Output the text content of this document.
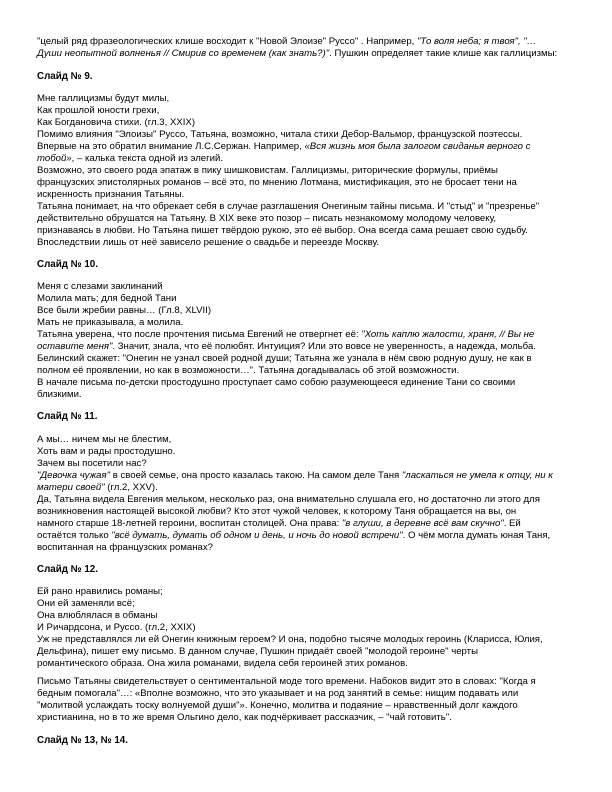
"целый ряд фразеологических клише восходит к "Новой Элоизе" Руссо" . Например, "То воля неба; я твоя", "…
Души неопытной волненья // Смирив со временем (как знать?)". Пушкин определяет такие клише как галлицизмы:
Слайд № 9.
Мне галлицизмы будут милы,
Как прошлой юности грехи,
Как Богдановича стихи. (гл.3, XXIX)
Помимо влияния "Элоизы" Руссо, Татьяна, возможно, читала стихи Дебор-Вальмор, французской поэтессы.
Впервые на это обратил внимание Л.С.Сержан. Например, «Вся жизнь моя была залогом свиданья верного с
тобой», – калька текста одной из элегий.
Возможно, это своего рода эпатаж в пику шишковистам. Галлицизмы, риторические формулы, приёмы
французских эпистолярных романов – всё это, по мнению Лотмана, мистификация, это не бросает тени на
искренность признания Татьяны.
Татьяна понимает, на что обрекает себя в случае разглашения Онегиным тайны письма. И "стыд" и "презренье"
действительно обрушатся на Татьяну. В XIX веке это позор – писать незнакомому молодому человеку,
признаваясь в любви. Но Татьяна пишет твёрдою рукою, это её выбор. Она всегда сама решает свою судьбу.
Впоследствии лишь от неё зависело решение о свадьбе и переезде Москву.
Слайд № 10.
Меня с слезами заклинаний
Молила мать; для бедной Тани
Все были жребии равны… (Гл.8, XLVII)
Мать не приказывала, а молила.
Татьяна уверена, что после прочтения письма Евгений не отвергнет её: "Хоть каплю жалости, храня, // Вы не
оставите меня". Значит, знала, что её полюбят. Интуиция? Или это вовсе не уверенность, а надежда, мольба.
Белинский скажет: "Онегин не узнал своей родной души; Татьяна же узнала в нём свою родную душу, не как в
полном её проявлении, но как в возможности…". Татьяна догадывалась об этой возможности.
В начале письма по-детски простодушно проступает само собою разумеющееся единение Тани со своими
близкими.
Слайд № 11.
А мы… ничем мы не блестим,
Хоть вам и рады простодушно.
Зачем вы посетили нас?
"Девочка чужая" в своей семье, она просто казалась такою. На самом деле Таня "ласкаться не умела к отцу, ни к
матери своей" (гл.2, XXV).
Да, Татьяна видела Евгения мельком, несколько раз, она внимательно слушала его, но достаточно ли этого для
возникновения настоящей высокой любви? Кто этот чужой человек, к которому Таня обращается на вы, он
намного старше 18-летней героини, воспитан столицей. Она права: "в глуши, в деревне всё вам скучно". Ей
остаётся только "всё думать, думать об одном и день, и ночь до новой встречи". О чём могла думать юная Таня,
воспитанная на французских романах?
Слайд № 12.
Ей рано нравились романы;
Они ей заменяли всё;
Она влюблялася в обманы
И Ричардсона, и Руссо. (гл.2, XXIX)
Уж не представлялся ли ей Онегин книжным героем? И она, подобно тысяче молодых героинь (Кларисса, Юлия,
Дельфина), пишет ему письмо. В данном случае, Пушкин придаёт своей "молодой героине" черты
романтического образа. Она жила романами, видела себя героиней этих романов.
Письмо Татьяны свидетельствует о сентиментальной моде того времени. Набоков видит это в словах: "Когда я
бедным помогала"…: «Вполне возможно, что это указывает и на род занятий в семье: нищим подавать или
"молитвой услаждать тоску волнуемой души"». Конечно, молитва и подаяние – нравственный долг каждого
христианина, но в то же время Ольгино дело, как подчёркивает рассказчик, – "чай готовить".
Слайд № 13, № 14.
